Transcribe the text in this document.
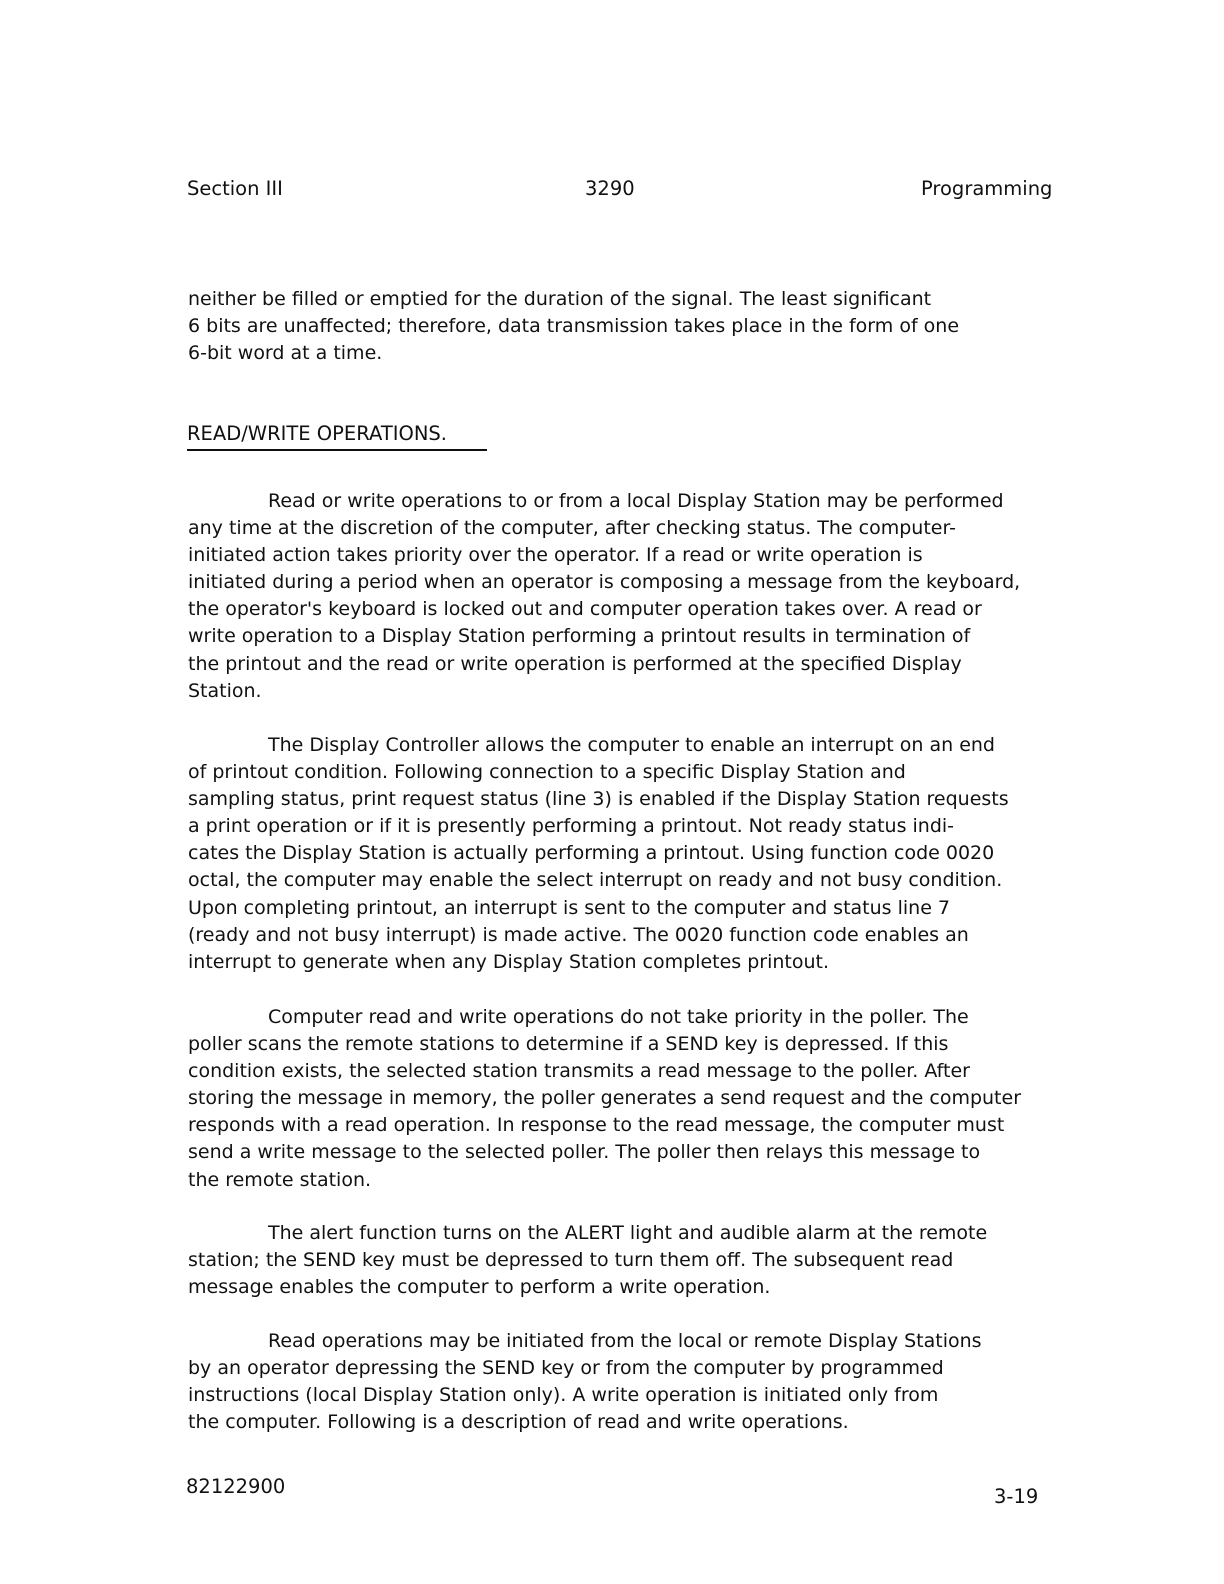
Section III	3290	Programming
neither be filled or emptied for the duration of the signal. The least significant
6 bits are unaffected; therefore, data transmission takes place in the form of one
6-bit word at a time.
READ/WRITE OPERATIONS.
Read or write operations to or from a local Display Station may be performed
any time at the discretion of the computer, after checking status. The computer-
initiated action takes priority over the operator. If a read or write operation is
initiated during a period when an operator is composing a message from the keyboard,
the operator's keyboard is locked out and computer operation takes over. A read or
write operation to a Display Station performing a printout results in termination of
the printout and the read or write operation is performed at the specified Display
Station.
The Display Controller allows the computer to enable an interrupt on an end
of printout condition. Following connection to a specific Display Station and
sampling status, print request status (line 3) is enabled if the Display Station requests
a print operation or if it is presently performing a printout. Not ready status indi-
cates the Display Station is actually performing a printout. Using function code 0020
octal, the computer may enable the select interrupt on ready and not busy condition.
Upon completing printout, an interrupt is sent to the computer and status line 7
(ready and not busy interrupt) is made active. The 0020 function code enables an
interrupt to generate when any Display Station completes printout.
Computer read and write operations do not take priority in the poller. The
poller scans the remote stations to determine if a SEND key is depressed. If this
condition exists, the selected station transmits a read message to the poller. After
storing the message in memory, the poller generates a send request and the computer
responds with a read operation. In response to the read message, the computer must
send a write message to the selected poller. The poller then relays this message to
the remote station.
The alert function turns on the ALERT light and audible alarm at the remote
station; the SEND key must be depressed to turn them off. The subsequent read
message enables the computer to perform a write operation.
Read operations may be initiated from the local or remote Display Stations
by an operator depressing the SEND key or from the computer by programmed
instructions (local Display Station only). A write operation is initiated only from
the computer. Following is a description of read and write operations.
82122900	3-19
